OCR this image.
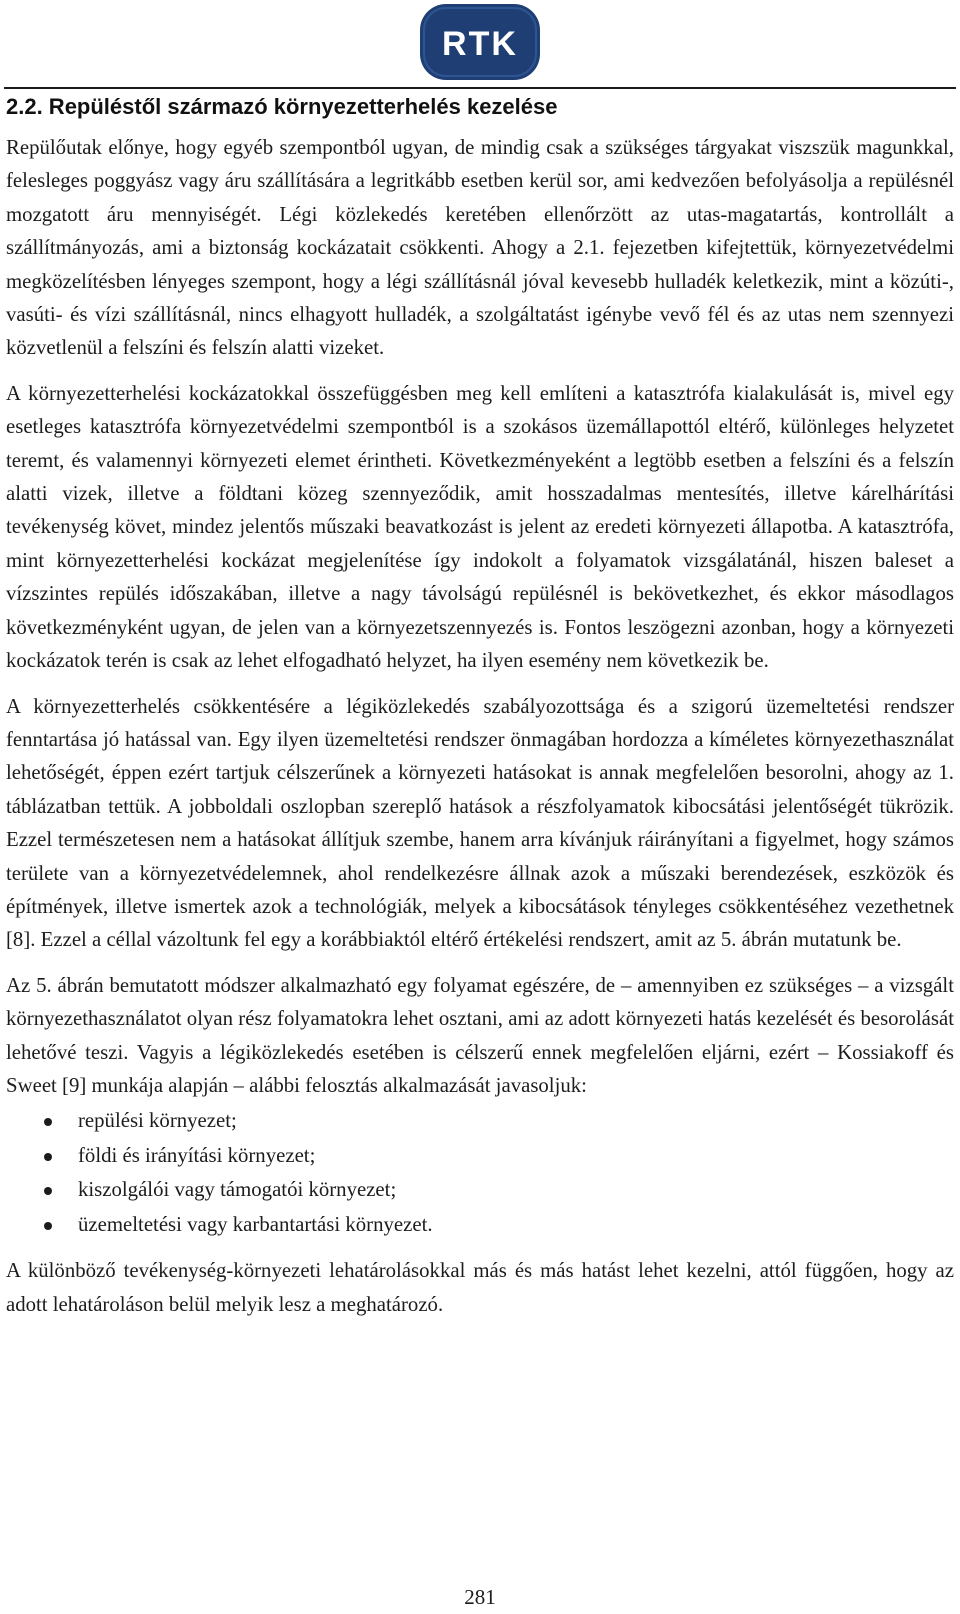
RTK
2.2. Repüléstől származó környezetterhelés kezelése

Repülőutak előnye, hogy egyéb szempontból ugyan, de mindig csak a szükséges tárgyakat viszszük magunkkal, felesleges poggyász vagy áru szállítására a legritkább esetben kerül sor, ami kedvezően befolyásolja a repülésnél mozgatott áru mennyiségét. Légi közlekedés keretében ellenőrzött az utas-magatartás, kontrollált a szállítmányozás, ami a biztonság kockázatait csökkenti. Ahogy a 2.1. fejezetben kifejtettük, környezetvédelmi megközelítésben lényeges szempont, hogy a légi szállításnál jóval kevesebb hulladék keletkezik, mint a közúti-, vasúti- és vízi szállításnál, nincs elhagyott hulladék, a szolgáltatást igénybe vevő fél és az utas nem szennyezi közvetlenül a felszíni és felszín alatti vizeket.

A környezetterhelési kockázatokkal összefüggésben meg kell említeni a katasztrófa kialakulását is, mivel egy esetleges katasztrófa környezetvédelmi szempontból is a szokásos üzemállapottól eltérő, különleges helyzetet teremt, és valamennyi környezeti elemet érintheti. Következményeként a legtöbb esetben a felszíni és a felszín alatti vizek, illetve a földtani közeg szennyeződik, amit hosszadalmas mentesítés, illetve kárelhárítási tevékenység követ, mindez jelentős műszaki beavatkozást is jelent az eredeti környezeti állapotba. A katasztrófa, mint környezetterhelési kockázat megjelenítése így indokolt a folyamatok vizsgálatánál, hiszen baleset a vízszintes repülés időszakában, illetve a nagy távolságú repülésnél is bekövetkezhet, és ekkor másodlagos következményként ugyan, de jelen van a környezetszennyezés is. Fontos leszögezni azonban, hogy a környezeti kockázatok terén is csak az lehet elfogadható helyzet, ha ilyen esemény nem következik be.

A környezetterhelés csökkentésére a légiközlekedés szabályozottsága és a szigorú üzemeltetési rendszer fenntartása jó hatással van. Egy ilyen üzemeltetési rendszer önmagában hordozza a kíméletes környezethasználat lehetőségét, éppen ezért tartjuk célszerűnek a környezeti hatásokat is annak megfelelően besorolni, ahogy az 1. táblázatban tettük. A jobboldali oszlopban szereplő hatások a részfolyamatok kibocsátási jelentőségét tükrözik. Ezzel természetesen nem a hatásokat állítjuk szembe, hanem arra kívánjuk ráirányítani a figyelmet, hogy számos területe van a környezetvédelemnek, ahol rendelkezésre állnak azok a műszaki berendezések, eszközök és építmények, illetve ismertek azok a technológiák, melyek a kibocsátások tényleges csökkentéséhez vezethetnek [8]. Ezzel a céllal vázoltunk fel egy a korábbiaktól eltérő értékelési rendszert, amit az 5. ábrán mutatunk be.

Az 5. ábrán bemutatott módszer alkalmazható egy folyamat egészére, de – amennyiben ez szükséges – a vizsgált környezethasználatot olyan rész folyamatokra lehet osztani, ami az adott környezeti hatás kezelését és besorolását lehetővé teszi. Vagyis a légiközlekedés esetében is célszerű ennek megfelelően eljárni, ezért – Kossiakoff és Sweet [9] munkája alapján – alábbi felosztás alkalmazását javasoljuk:

repülési környezet;
földi és irányítási környezet;
kiszolgálói vagy támogatói környezet;
üzemeltetési vagy karbantartási környezet.

A különböző tevékenység-környezeti lehatárolásokkal más és más hatást lehet kezelni, attól függően, hogy az adott lehatároláson belül melyik lesz a meghatározó.

281
